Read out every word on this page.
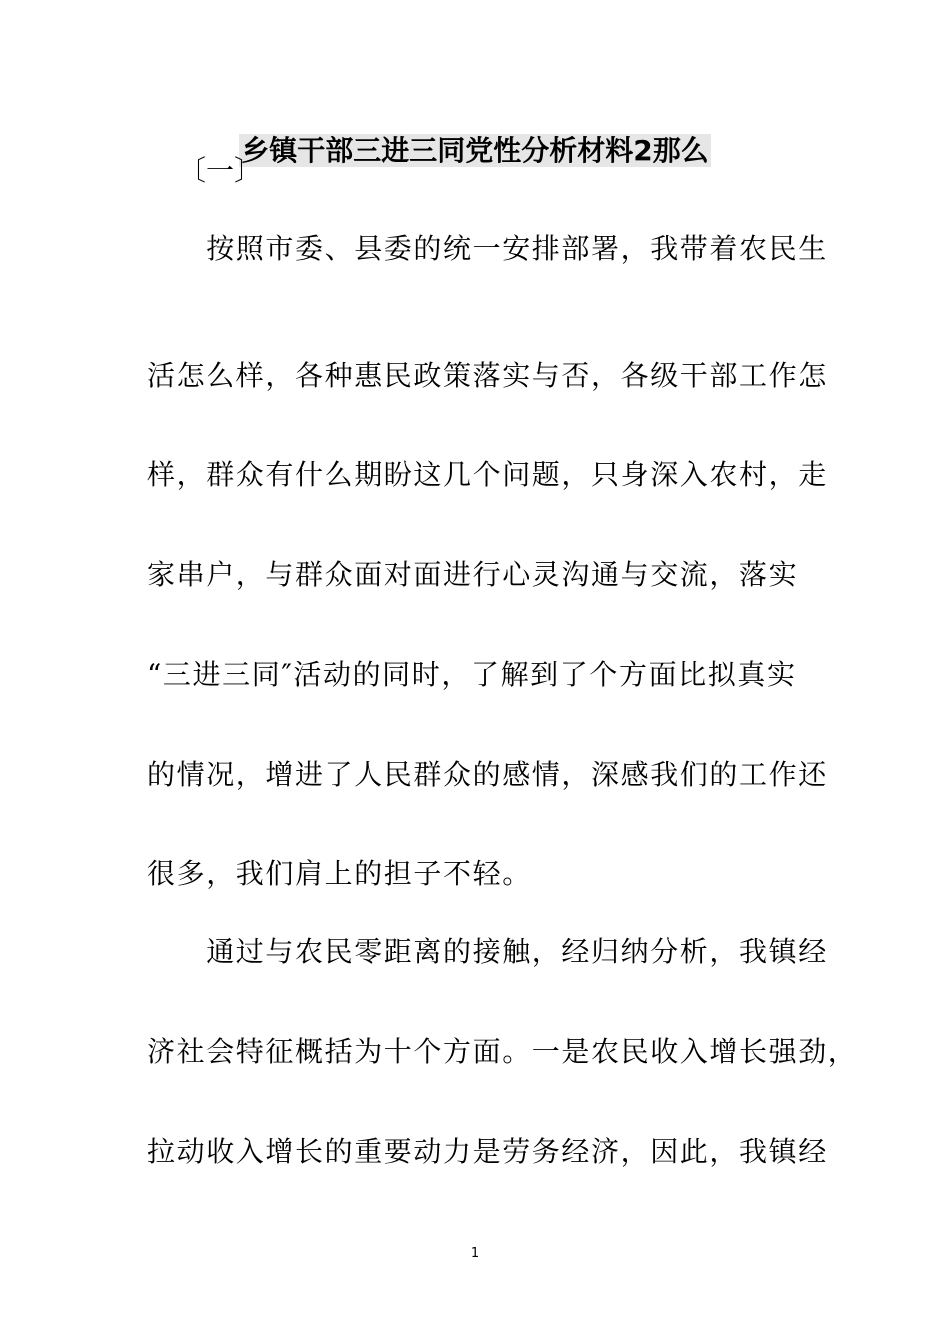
乡镇干部三进三同党性分析材料2那么
〔一〕
　　按照市委、县委的统一安排部署，我带着农民生
活怎么样，各种惠民政策落实与否，各级干部工作怎
样，群众有什么期盼这几个问题，只身深入农村，走
家串户，与群众面对面进行心灵沟通与交流，落实
“三进三同″活动的同时，了解到了个方面比拟真实
的情况，增进了人民群众的感情，深感我们的工作还
很多，我们肩上的担子不轻。
　　通过与农民零距离的接触，经归纳分析，我镇经
济社会特征概括为十个方面。一是农民收入增长强劲，
拉动收入增长的重要动力是劳务经济，因此，我镇经
1
